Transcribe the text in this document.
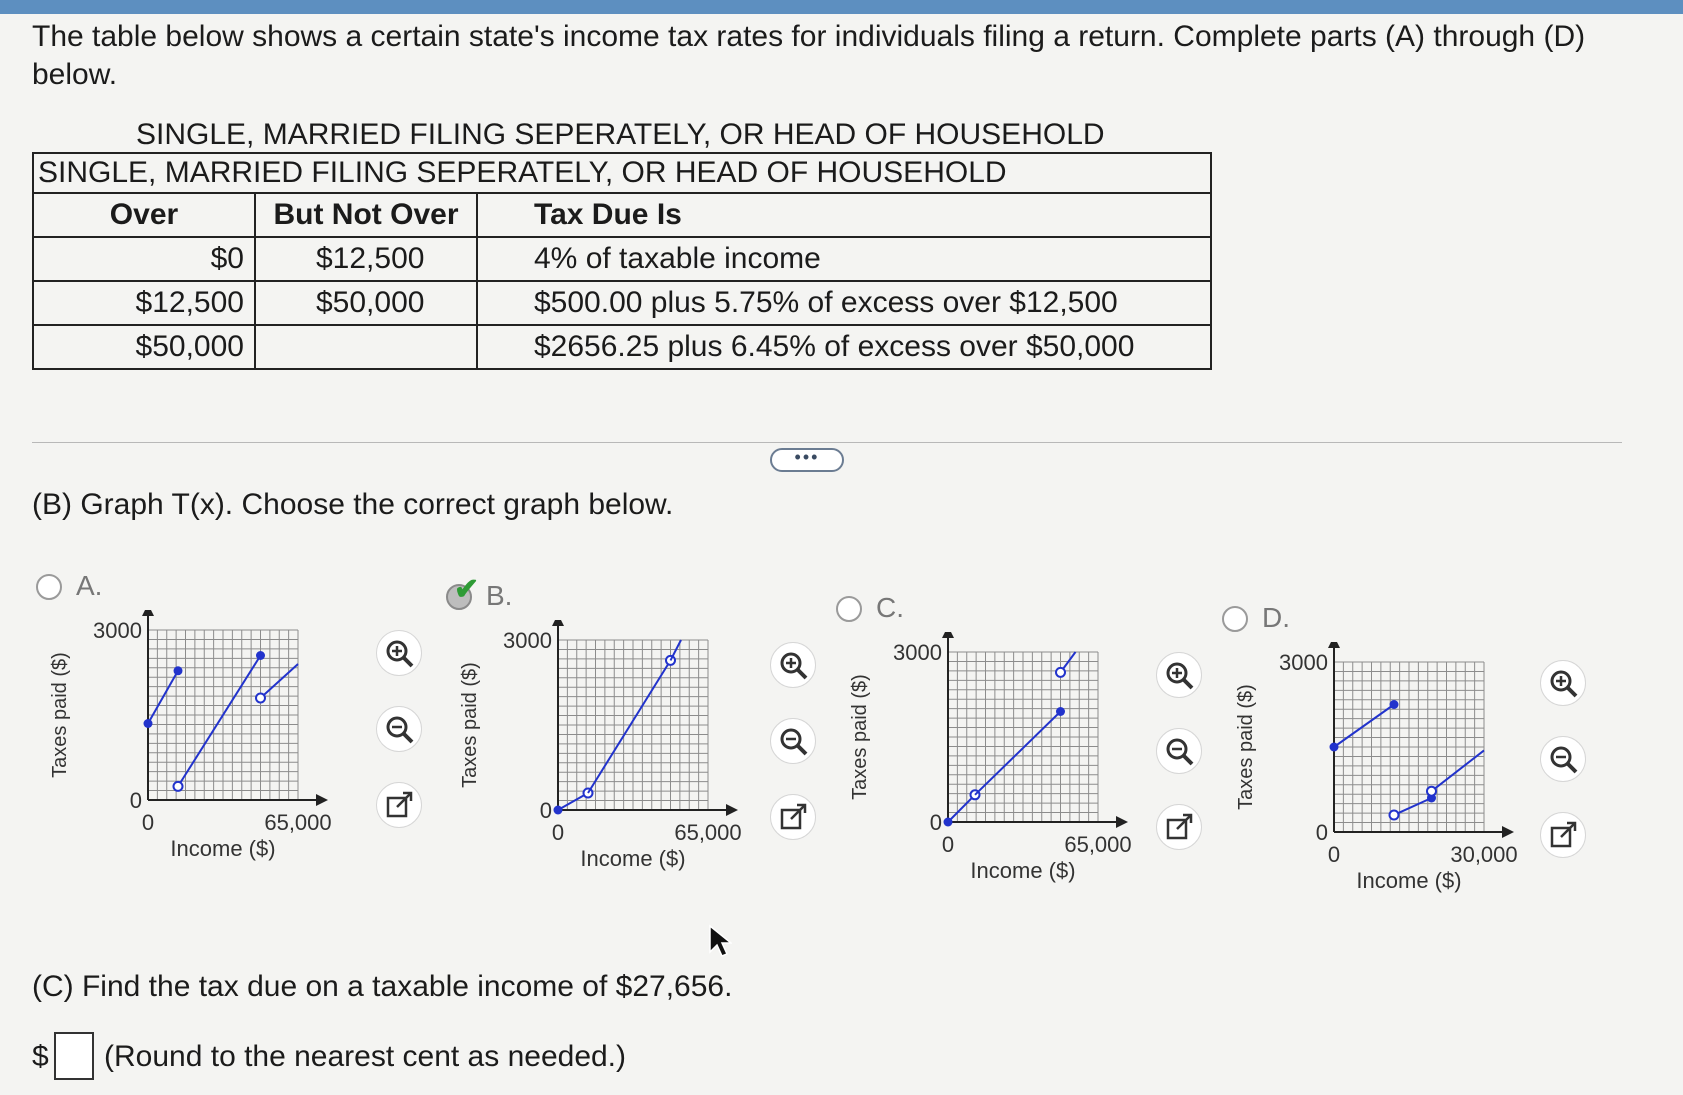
The table below shows a certain state's income tax rates for individuals filing a return. Complete parts (A) through (D) below.
SINGLE, MARRIED FILING SEPERATELY, OR HEAD OF HOUSEHOLD
SINGLE, MARRIED FILING SEPERATELY, OR HEAD OF HOUSEHOLD		
Over	But Not Over	Tax Due Is
$0	$12,500	4% of taxable income
$12,500	$50,000	$500.00 plus 5.75% of excess over $12,500
$50,000		$2656.25 plus 6.45% of excess over $50,000
•••
(B) Graph T(x). Choose the correct graph below.
A.
3000
0
0	65,000
Income ($)
Taxes paid ($)
✔ B.
3000
0
0	65,000
Income ($)
Taxes paid ($)
C.
3000
0
0	65,000
Income ($)
Taxes paid ($)
D.
3000
0
0	30,000
Income ($)
Taxes paid ($)
(C) Find the tax due on a taxable income of $27,656.
$ (Round to the nearest cent as needed.)
